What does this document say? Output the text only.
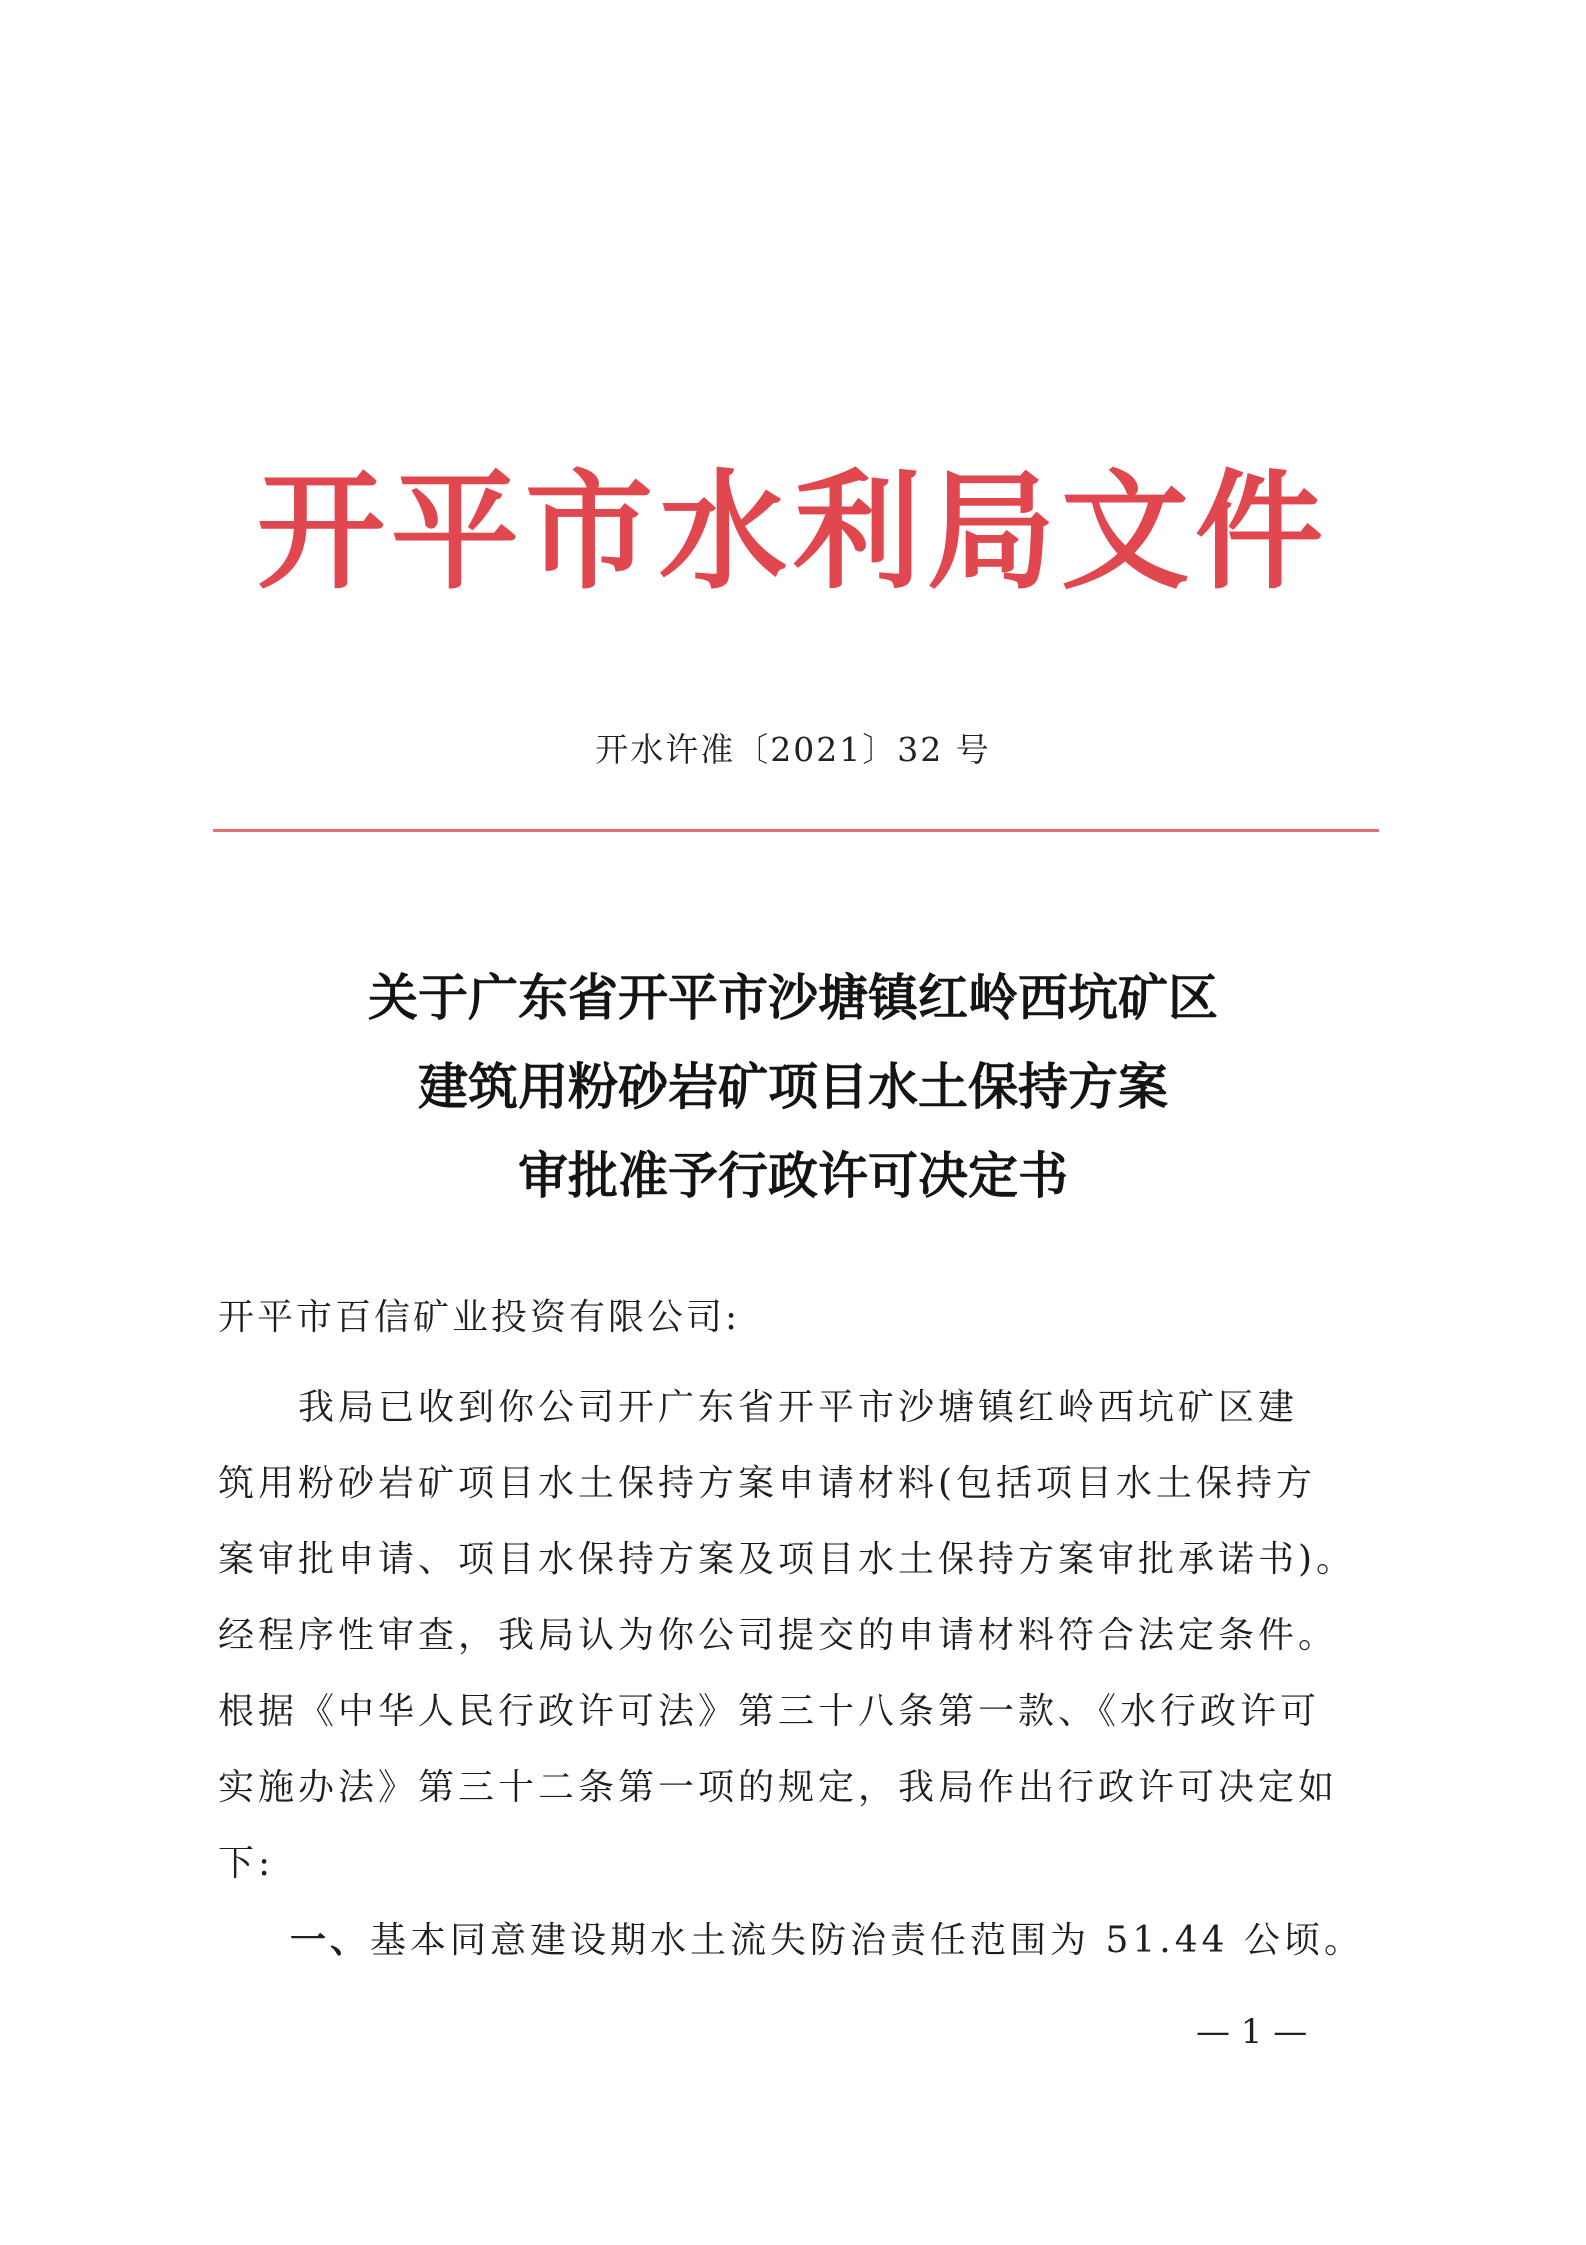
开平市水利局文件
开水许准〔2021〕32 号
关于广东省开平市沙塘镇红岭西坑矿区
建筑用粉砂岩矿项目水土保持方案
审批准予行政许可决定书
开平市百信矿业投资有限公司:
　　我局已收到你公司开广东省开平市沙塘镇红岭西坑矿区建
筑用粉砂岩矿项目水土保持方案申请材料(包括项目水土保持方
案审批申请、项目水保持方案及项目水土保持方案审批承诺书)。
经程序性审查，我局认为你公司提交的申请材料符合法定条件。
根据《中华人民行政许可法》第三十八条第一款、《水行政许可
实施办法》第三十二条第一项的规定，我局作出行政许可决定如
下:
一、基本同意建设期水土流失防治责任范围为 51.44 公顷。
— 1 —
